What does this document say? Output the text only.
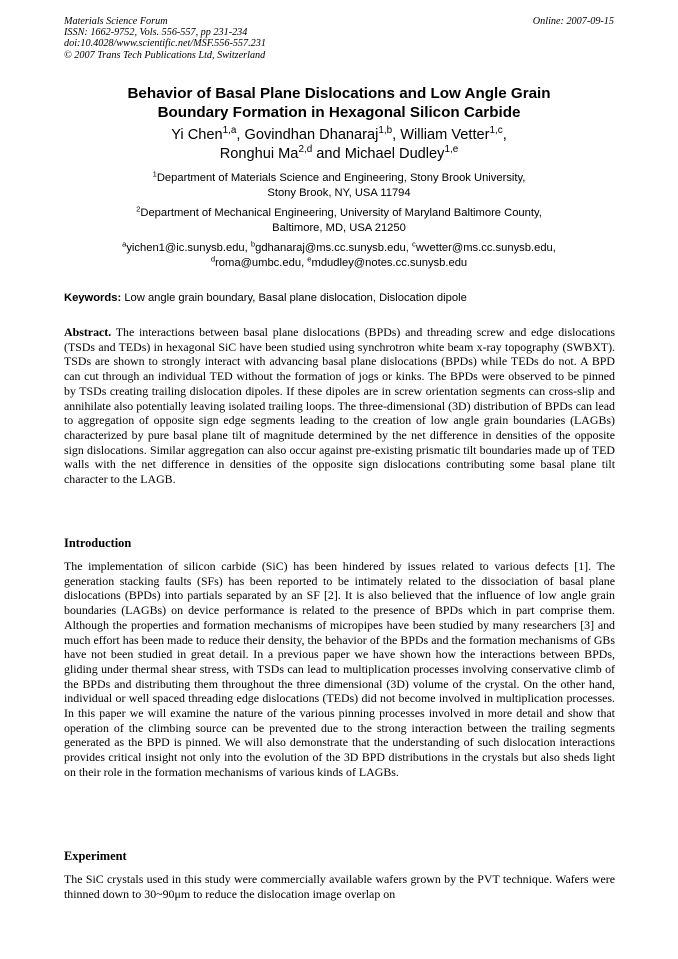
Materials Science Forum
ISSN: 1662-9752, Vols. 556-557, pp 231-234
doi:10.4028/www.scientific.net/MSF.556-557.231
© 2007 Trans Tech Publications Ltd, Switzerland
Online: 2007-09-15
Behavior of Basal Plane Dislocations and Low Angle Grain
Boundary Formation in Hexagonal Silicon Carbide
Yi Chen$^{1,a}$, Govindhan Dhanaraj$^{1,b}$, William Vetter$^{1,c}$,
Ronghui Ma$^{2,d}$ and Michael Dudley$^{1,e}$
$^1$Department of Materials Science and Engineering, Stony Brook University,
Stony Brook, NY, USA 11794
$^2$Department of Mechanical Engineering, University of Maryland Baltimore County,
Baltimore, MD, USA 21250
$^a$yichen1@ic.sunysb.edu, $^b$gdhanaraj@ms.cc.sunysb.edu, $^c$wvetter@ms.cc.sunysb.edu,
$^d$roma@umbc.edu, $^e$mdudley@notes.cc.sunysb.edu
Keywords: Low angle grain boundary, Basal plane dislocation, Dislocation dipole
Abstract. The interactions between basal plane dislocations (BPDs) and threading screw and edge dislocations (TSDs and TEDs) in hexagonal SiC have been studied using synchrotron white beam x-ray topography (SWBXT). TSDs are shown to strongly interact with advancing basal plane dislocations (BPDs) while TEDs do not. A BPD can cut through an individual TED without the formation of jogs or kinks. The BPDs were observed to be pinned by TSDs creating trailing dislocation dipoles. If these dipoles are in screw orientation segments can cross-slip and annihilate also potentially leaving isolated trailing loops. The three-dimensional (3D) distribution of BPDs can lead to aggregation of opposite sign edge segments leading to the creation of low angle grain boundaries (LAGBs) characterized by pure basal plane tilt of magnitude determined by the net difference in densities of the opposite sign dislocations. Similar aggregation can also occur against pre-existing prismatic tilt boundaries made up of TED walls with the net difference in densities of the opposite sign dislocations contributing some basal plane tilt character to the LAGB.
Introduction
The implementation of silicon carbide (SiC) has been hindered by issues related to various defects [1]. The generation stacking faults (SFs) has been reported to be intimately related to the dissociation of basal plane dislocations (BPDs) into partials separated by an SF [2]. It is also believed that the influence of low angle grain boundaries (LAGBs) on device performance is related to the presence of BPDs which in part comprise them. Although the properties and formation mechanisms of micropipes have been studied by many researchers [3] and much effort has been made to reduce their density, the behavior of the BPDs and the formation mechanisms of GBs have not been studied in great detail. In a previous paper we have shown how the interactions between BPDs, gliding under thermal shear stress, with TSDs can lead to multiplication processes involving conservative climb of the BPDs and distributing them throughout the three dimensional (3D) volume of the crystal. On the other hand, individual or well spaced threading edge dislocations (TEDs) did not become involved in multiplication processes. In this paper we will examine the nature of the various pinning processes involved in more detail and show that operation of the climbing source can be prevented due to the strong interaction between the trailing segments generated as the BPD is pinned. We will also demonstrate that the understanding of such dislocation interactions provides critical insight not only into the evolution of the 3D BPD distributions in the crystals but also sheds light on their role in the formation mechanisms of various kinds of LAGBs.
Experiment
The SiC crystals used in this study were commercially available wafers grown by the PVT technique. Wafers were thinned down to 30~90μm to reduce the dislocation image overlap on
